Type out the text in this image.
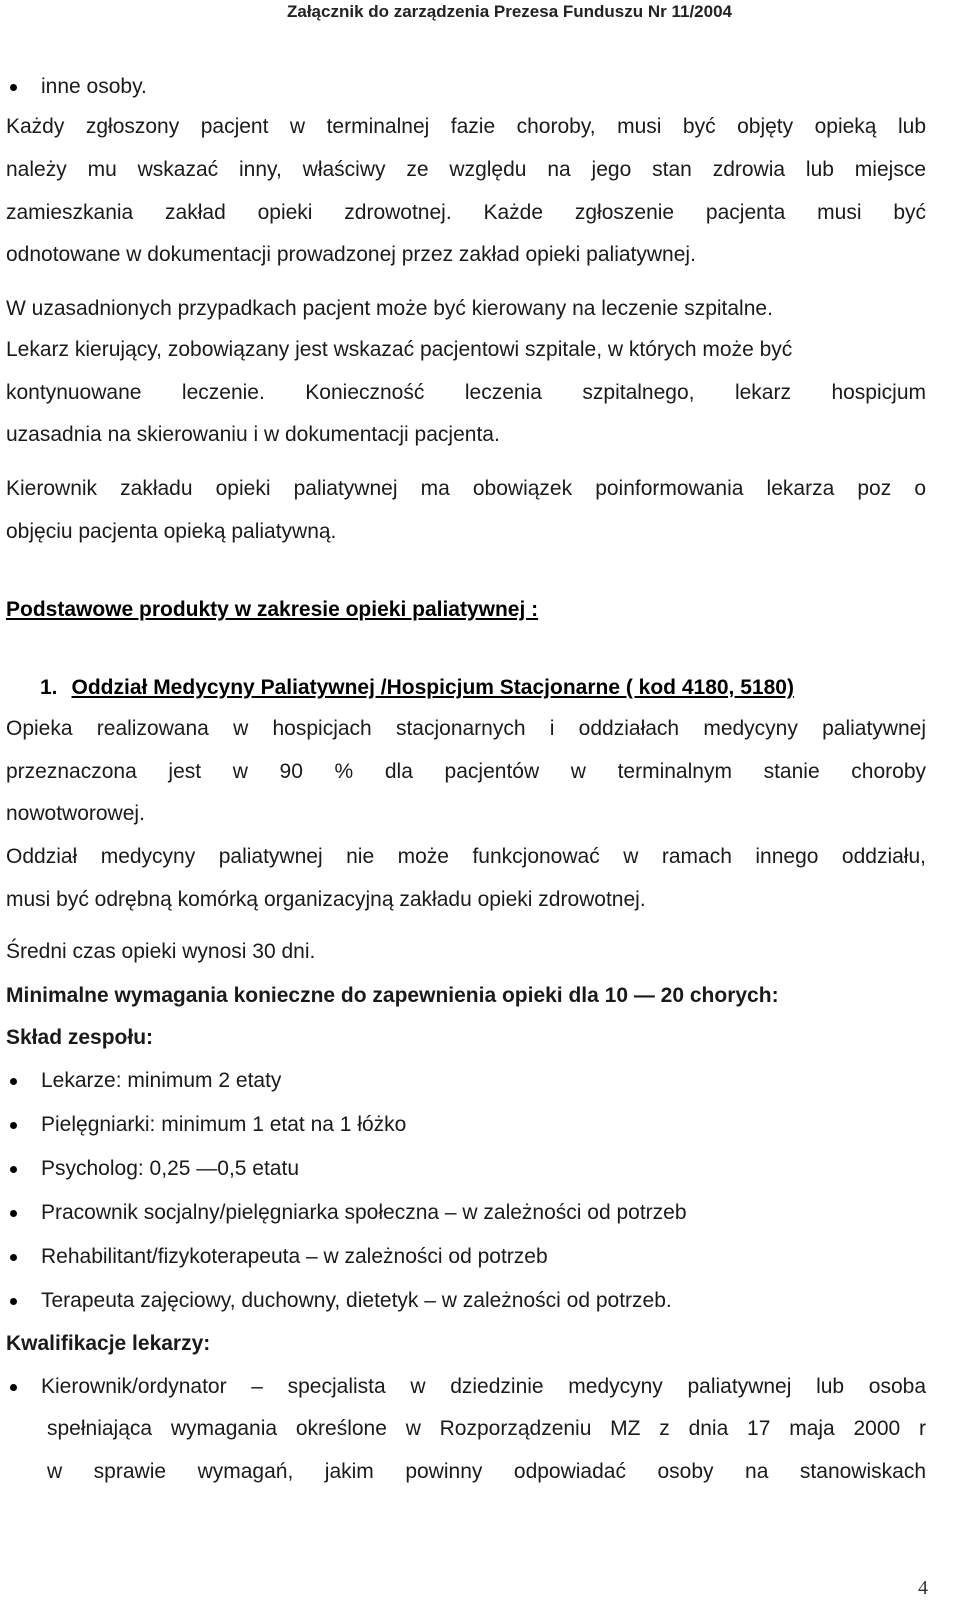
Załącznik do zarządzenia Prezesa Funduszu Nr 11/2004
inne osoby.
Każdy zgłoszony pacjent w terminalnej fazie choroby, musi być objęty opieką lub
należy mu wskazać inny, właściwy ze względu na jego stan zdrowia lub miejsce
zamieszkania zakład opieki zdrowotnej. Każde zgłoszenie pacjenta musi być
odnotowane w dokumentacji prowadzonej przez zakład opieki paliatywnej.
W uzasadnionych przypadkach pacjent może być kierowany na leczenie szpitalne.
Lekarz kierujący, zobowiązany jest wskazać pacjentowi szpitale, w których może być
kontynuowane leczenie. Konieczność leczenia szpitalnego, lekarz hospicjum
uzasadnia na skierowaniu i w dokumentacji pacjenta.
Kierownik zakładu opieki paliatywnej ma obowiązek poinformowania lekarza poz o
objęciu pacjenta opieką paliatywną.
Podstawowe produkty w zakresie opieki paliatywnej :
1. Oddział Medycyny Paliatywnej /Hospicjum Stacjonarne ( kod 4180, 5180)
Opieka realizowana w hospicjach stacjonarnych i oddziałach medycyny paliatywnej
przeznaczona jest w 90 % dla pacjentów w terminalnym stanie choroby
nowotworowej.
Oddział medycyny paliatywnej nie może funkcjonować w ramach innego oddziału,
musi być odrębną komórką organizacyjną zakładu opieki zdrowotnej.
Średni czas opieki wynosi 30 dni.
Minimalne wymagania konieczne do zapewnienia opieki dla 10 — 20 chorych:
Skład zespołu:
Lekarze: minimum 2 etaty
Pielęgniarki: minimum 1 etat na 1 łóżko
Psycholog: 0,25 —0,5 etatu
Pracownik socjalny/pielęgniarka społeczna – w zależności od potrzeb
Rehabilitant/fizykoterapeuta – w zależności od potrzeb
Terapeuta zajęciowy, duchowny, dietetyk – w zależności od potrzeb.
Kwalifikacje lekarzy:
Kierownik/ordynator – specjalista w dziedzinie medycyny paliatywnej lub osoba
spełniająca wymagania określone w Rozporządzeniu MZ z dnia 17 maja 2000 r
w sprawie wymagań, jakim powinny odpowiadać osoby na stanowiskach
4
